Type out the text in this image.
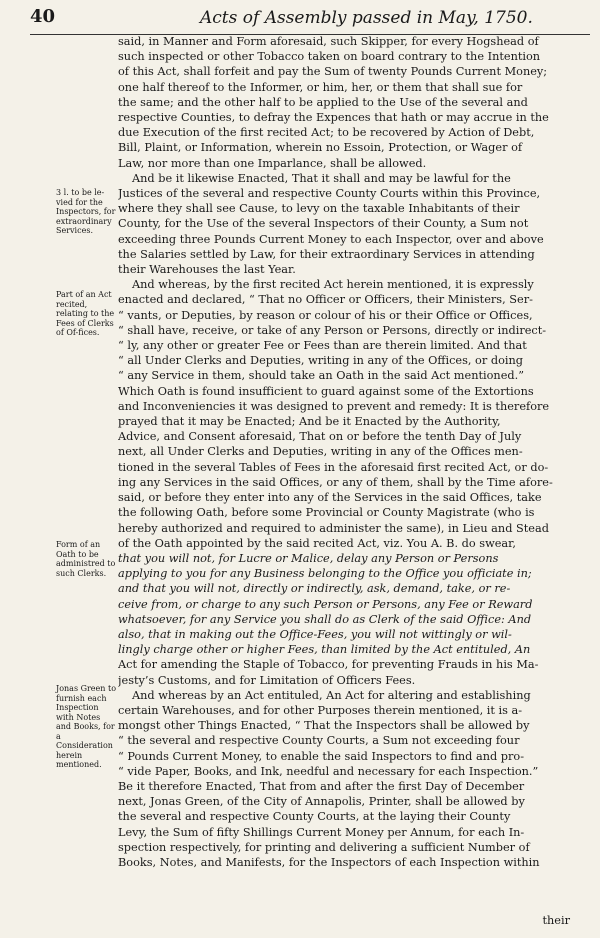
40	Acts of Assembly passed in May, 1750.
3 l. to be le-vied for the Inspectors, for extraordinary Services.
Part of an Act recited, relating to the Fees of Clerks of Of-fices.
Form of an Oath to be administred to such Clerks.
Jonas Green to furnish each Inspection with Notes and Books, for a Consideration herein mentioned.
said, in Manner and Form aforesaid, such Skipper, for every Hogshead of
such inspected or other Tobacco taken on board contrary to the Intention
of this Act, shall forfeit and pay the Sum of twenty Pounds Current Money;
one half thereof to the Informer, or him, her, or them that shall sue for
the same; and the other half to be applied to the Use of the several and
respective Counties, to defray the Expences that hath or may accrue in the
due Execution of the first recited Act; to be recovered by Action of Debt,
Bill, Plaint, or Information, wherein no Essoin, Protection, or Wager of
Law, nor more than one Imparlance, shall be allowed.
And be it likewise Enacted, That it shall and may be lawful for the
Justices of the several and respective County Courts within this Province,
where they shall see Cause, to levy on the taxable Inhabitants of their
County, for the Use of the several Inspectors of their County, a Sum not
exceeding three Pounds Current Money to each Inspector, over and above
the Salaries settled by Law, for their extraordinary Services in attending
their Warehouses the last Year.
And whereas, by the first recited Act herein mentioned, it is expressly
enacted and declared, “ That no Officer or Officers, their Ministers, Ser-
“ vants, or Deputies, by reason or colour of his or their Office or Offices,
“ shall have, receive, or take of any Person or Persons, directly or indirect-
“ ly, any other or greater Fee or Fees than are therein limited. And that
“ all Under Clerks and Deputies, writing in any of the Offices, or doing
“ any Service in them, should take an Oath in the said Act mentioned.”
Which Oath is found insufficient to guard against some of the Extortions
and Inconveniencies it was designed to prevent and remedy: It is therefore
prayed that it may be Enacted; And be it Enacted by the Authority,
Advice, and Consent aforesaid, That on or before the tenth Day of July
next, all Under Clerks and Deputies, writing in any of the Offices men-
tioned in the several Tables of Fees in the aforesaid first recited Act, or do-
ing any Services in the said Offices, or any of them, shall by the Time afore-
said, or before they enter into any of the Services in the said Offices, take
the following Oath, before some Provincial or County Magistrate (who is
hereby authorized and required to administer the same), in Lieu and Stead
of the Oath appointed by the said recited Act, viz. You A. B. do swear,
that you will not, for Lucre or Malice, delay any Person or Persons
applying to you for any Business belonging to the Office you officiate in;
and that you will not, directly or indirectly, ask, demand, take, or re-
ceive from, or charge to any such Person or Persons, any Fee or Reward
whatsoever, for any Service you shall do as Clerk of the said Office: And
also, that in making out the Office-Fees, you will not wittingly or wil-
lingly charge other or higher Fees, than limited by the Act entituled, An
Act for amending the Staple of Tobacco, for preventing Frauds in his Ma-
jesty’s Customs, and for Limitation of Officers Fees.
And whereas by an Act entituled, An Act for altering and establishing
certain Warehouses, and for other Purposes therein mentioned, it is a-
mongst other Things Enacted, “ That the Inspectors shall be allowed by
“ the several and respective County Courts, a Sum not exceeding four
“ Pounds Current Money, to enable the said Inspectors to find and pro-
“ vide Paper, Books, and Ink, needful and necessary for each Inspection.”
Be it therefore Enacted, That from and after the first Day of December
next, Jonas Green, of the City of Annapolis, Printer, shall be allowed by
the several and respective County Courts, at the laying their County
Levy, the Sum of fifty Shillings Current Money per Annum, for each In-
spection respectively, for printing and delivering a sufficient Number of
Books, Notes, and Manifests, for the Inspectors of each Inspection within
their
